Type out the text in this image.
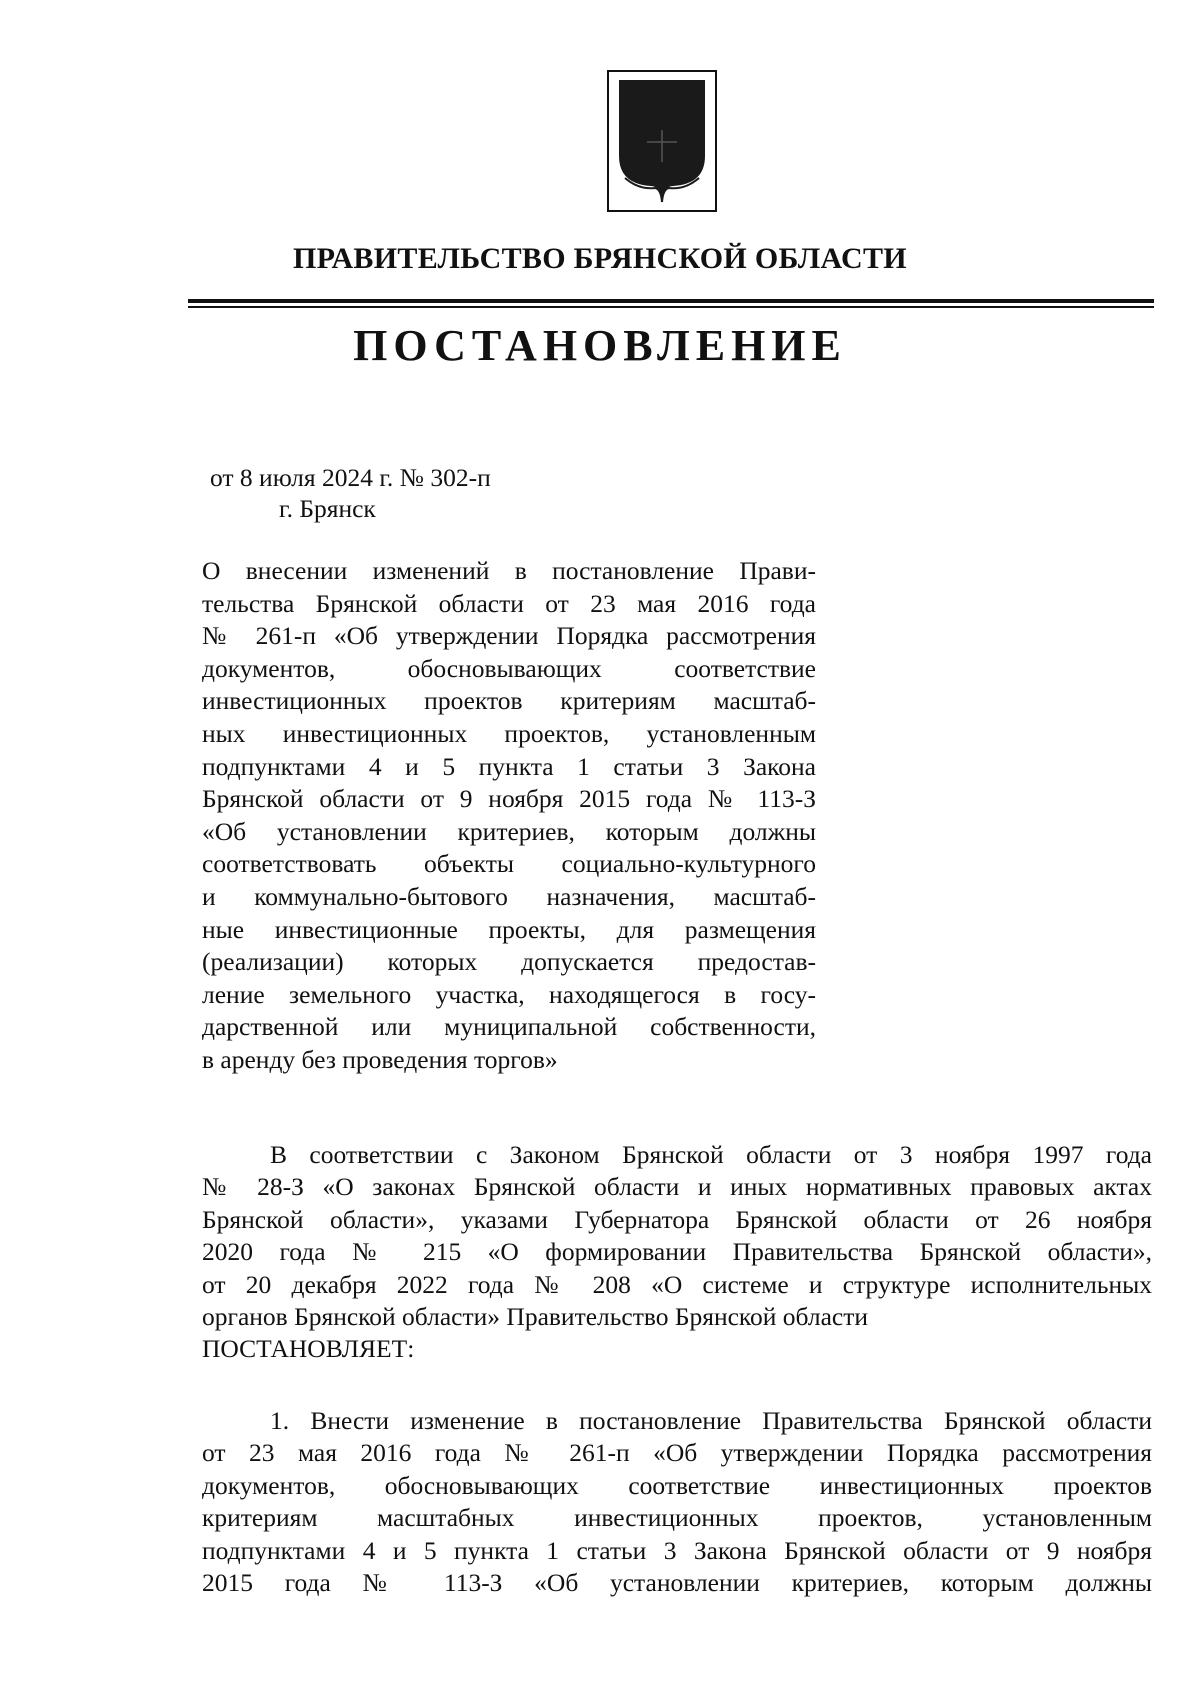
ПРАВИТЕЛЬСТВО БРЯНСКОЙ ОБЛАСТИ
ПОСТАНОВЛЕНИЕ
от 8 июля 2024 г. № 302-п
г. Брянск
О внесении изменений в постановление Прави-
тельства Брянской области от 23 мая 2016 года
№ 261-п «Об утверждении Порядка рассмотрения
документов, обосновывающих соответствие
инвестиционных проектов критериям масштаб-
ных инвестиционных проектов, установленным
подпунктами 4 и 5 пункта 1 статьи 3 Закона
Брянской области от 9 ноября 2015 года № 113-З
«Об установлении критериев, которым должны
соответствовать объекты социально-культурного
и коммунально-бытового назначения, масштаб-
ные инвестиционные проекты, для размещения
(реализации) которых допускается предостав-
ление земельного участка, находящегося в госу-
дарственной или муниципальной собственности,
в аренду без проведения торгов»
В соответствии с Законом Брянской области от 3 ноября 1997 года
№ 28-З «О законах Брянской области и иных нормативных правовых актах
Брянской области», указами Губернатора Брянской области от 26 ноября
2020 года № 215 «О формировании Правительства Брянской области»,
от 20 декабря 2022 года № 208 «О системе и структуре исполнительных
органов Брянской области» Правительство Брянской области
ПОСТАНОВЛЯЕТ:
1. Внести изменение в постановление Правительства Брянской области
от 23 мая 2016 года № 261-п «Об утверждении Порядка рассмотрения
документов, обосновывающих соответствие инвестиционных проектов
критериям масштабных инвестиционных проектов, установленным
подпунктами 4 и 5 пункта 1 статьи 3 Закона Брянской области от 9 ноября
2015 года № 113-З «Об установлении критериев, которым должны
